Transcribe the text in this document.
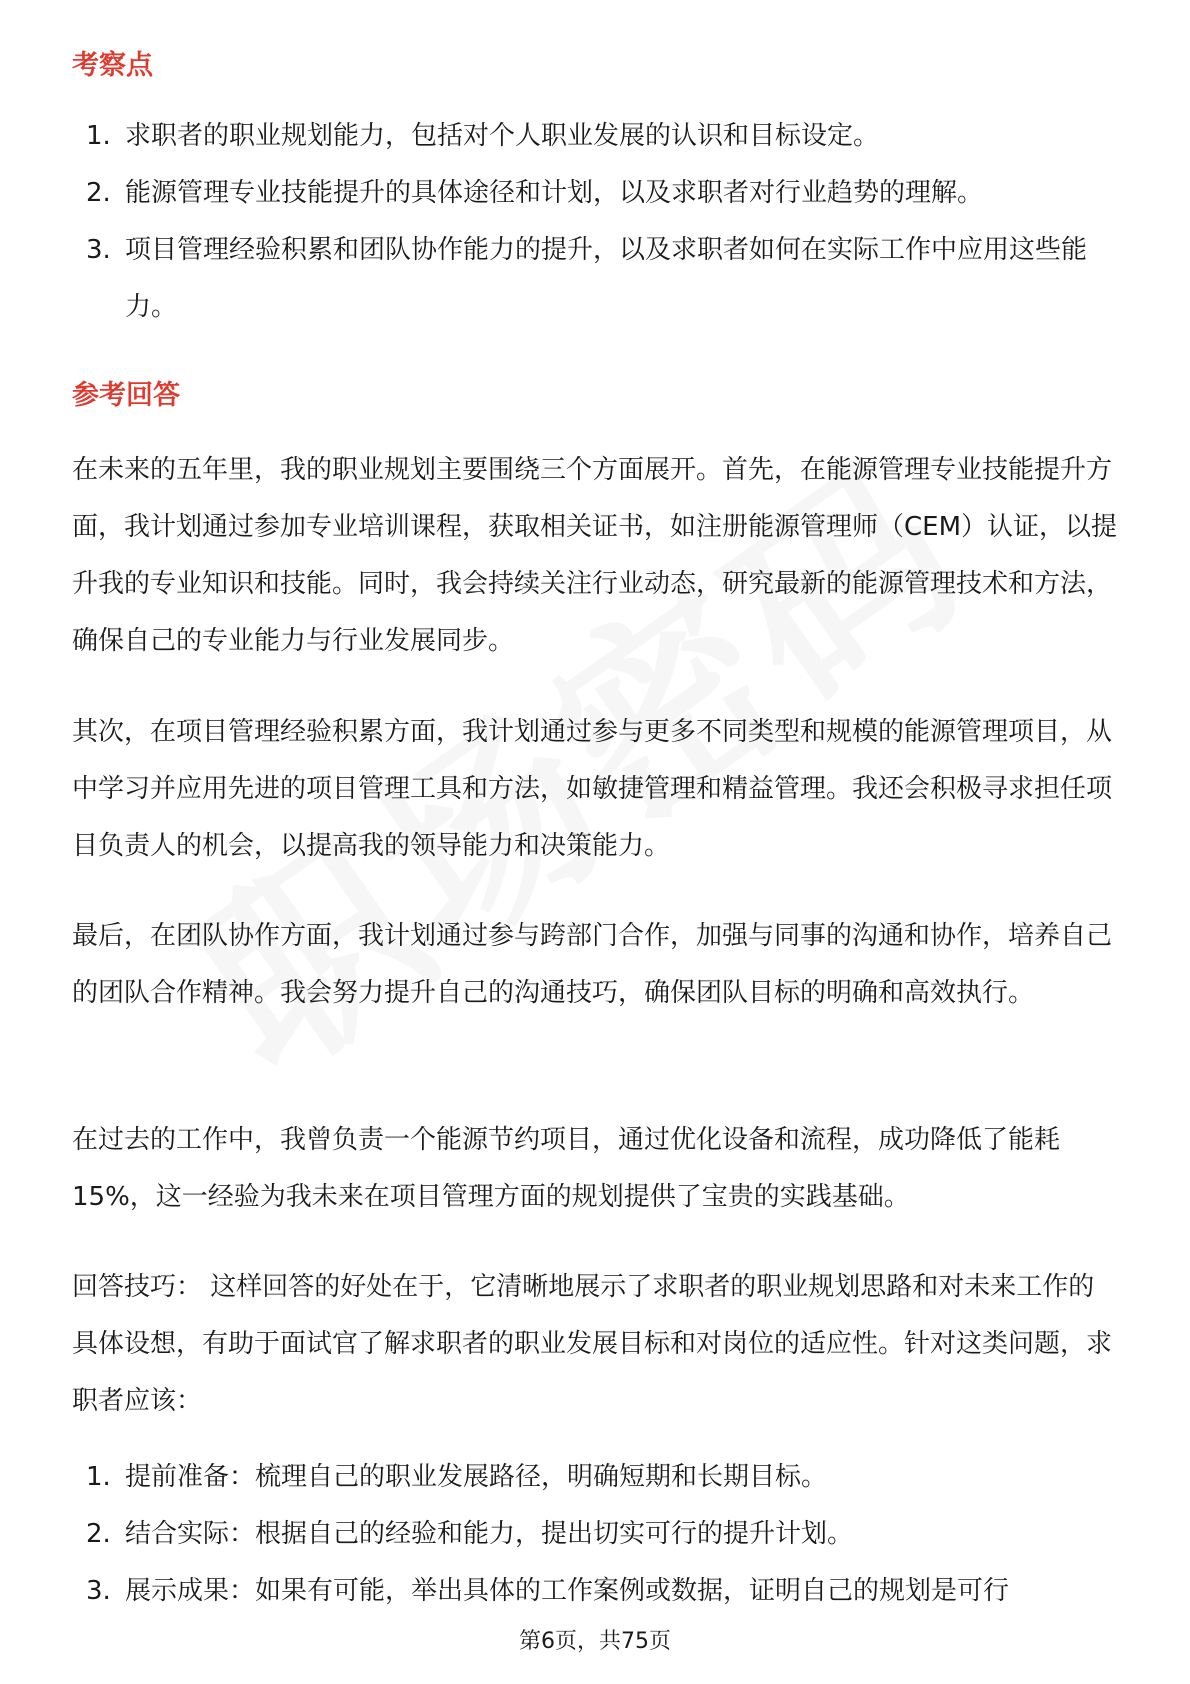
考察点
1. 求职者的职业规划能力，包括对个人职业发展的认识和目标设定。
2. 能源管理专业技能提升的具体途径和计划，以及求职者对行业趋势的理解。
3. 项目管理经验积累和团队协作能力的提升，以及求职者如何在实际工作中应用这些能力。
参考回答

在未来的五年里，我的职业规划主要围绕三个方面展开。首先，在能源管理专业技能提升方面，我计划通过参加专业培训课程，获取相关证书，如注册能源管理师（CEM）认证，以提升我的专业知识和技能。同时，我会持续关注行业动态，研究最新的能源管理技术和方法，确保自己的专业能力与行业发展同步。

其次，在项目管理经验积累方面，我计划通过参与更多不同类型和规模的能源管理项目，从中学习并应用先进的项目管理工具和方法，如敏捷管理和精益管理。我还会积极寻求担任项目负责人的机会，以提高我的领导能力和决策能力。

最后，在团队协作方面，我计划通过参与跨部门合作，加强与同事的沟通和协作，培养自己的团队合作精神。我会努力提升自己的沟通技巧，确保团队目标的明确和高效执行。

在过去的工作中，我曾负责一个能源节约项目，通过优化设备和流程，成功降低了能耗15%，这一经验为我未来在项目管理方面的规划提供了宝贵的实践基础。

回答技巧： 这样回答的好处在于，它清晰地展示了求职者的职业规划思路和对未来工作的具体设想，有助于面试官了解求职者的职业发展目标和对岗位的适应性。针对这类问题，求职者应该：

1. 提前准备：梳理自己的职业发展路径，明确短期和长期目标。
2. 结合实际：根据自己的经验和能力，提出切实可行的提升计划。
3. 展示成果：如果有可能，举出具体的工作案例或数据，证明自己的规划是可行
第6页，共75页
